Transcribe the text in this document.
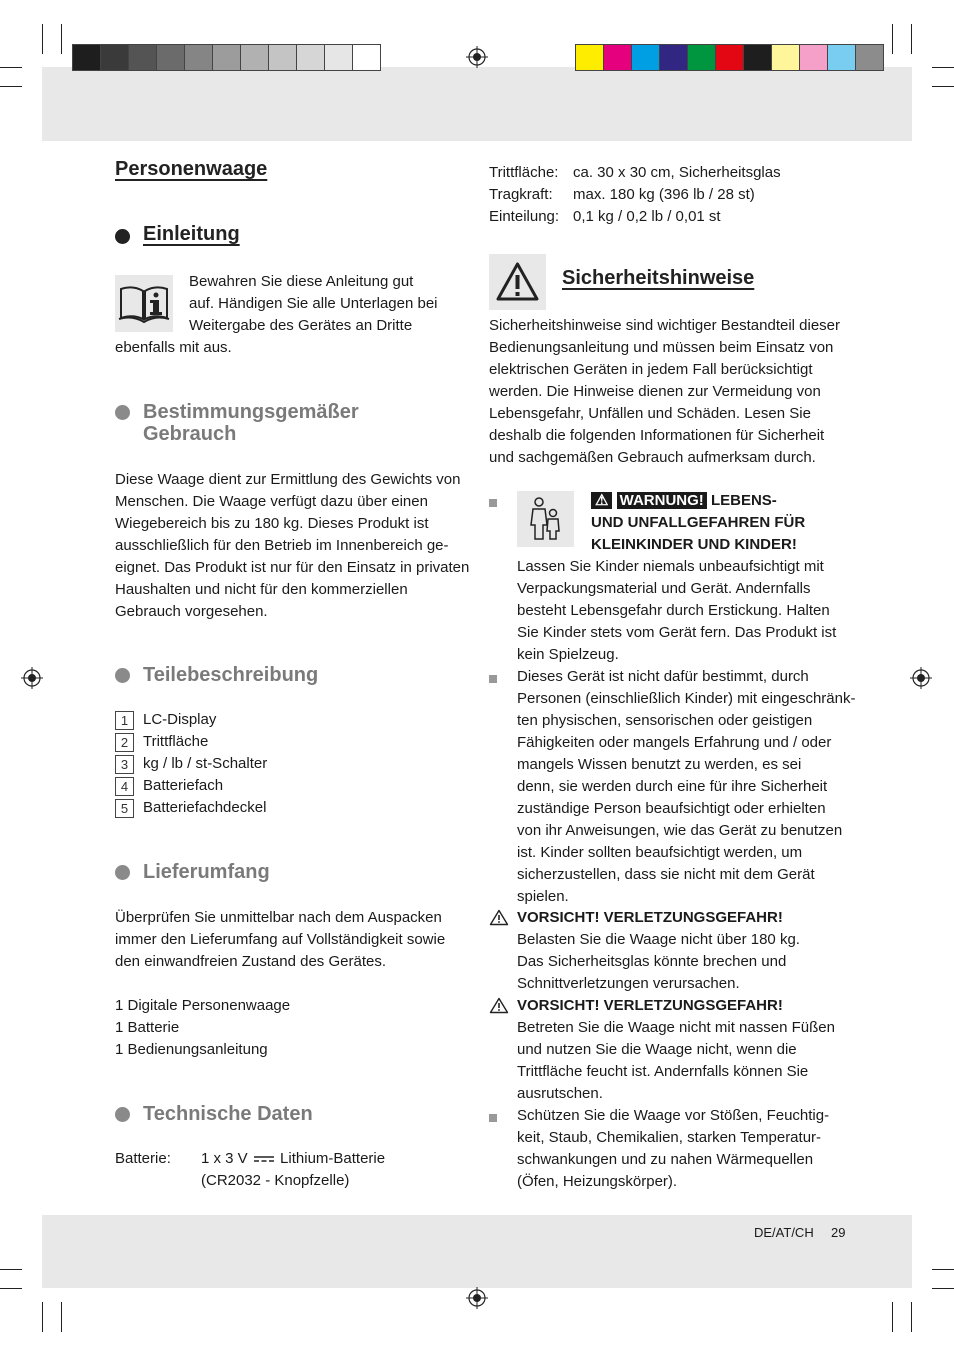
Personenwaage
Einleitung
Bewahren Sie diese Anleitung gut
auf. Händigen Sie alle Unterlagen bei
Weitergabe des Gerätes an Dritte
ebenfalls mit aus.
Bestimmungsgemäßer
Gebrauch
Diese Waage dient zur Ermittlung des Gewichts von
Menschen. Die Waage verfügt dazu über einen
Wiegebereich bis zu 180 kg. Dieses Produkt ist
ausschließlich für den Betrieb im Innenbereich ge-
eignet. Das Produkt ist nur für den Einsatz in privaten
Haushalten und nicht für den kommerziellen
Gebrauch vorgesehen.
Teilebeschreibung
1 LC-Display
2 Trittfläche
3 kg / lb / st-Schalter
4 Batteriefach
5 Batteriefachdeckel
Lieferumfang
Überprüfen Sie unmittelbar nach dem Auspacken
immer den Lieferumfang auf Vollständigkeit sowie
den einwandfreien Zustand des Gerätes.
1 Digitale Personenwaage
1 Batterie
1 Bedienungsanleitung
Technische Daten
Batterie: 1 x 3 V Lithium-Batterie
(CR2032 - Knopfzelle)
Trittfläche: ca. 30 x 30 cm, Sicherheitsglas
Tragkraft: max. 180 kg (396 lb / 28 st)
Einteilung: 0,1 kg / 0,2 lb / 0,01 st
Sicherheitshinweise
Sicherheitshinweise sind wichtiger Bestandteil dieser
Bedienungsanleitung und müssen beim Einsatz von
elektrischen Geräten in jedem Fall berücksichtigt
werden. Die Hinweise dienen zur Vermeidung von
Lebensgefahr, Unfällen und Schäden. Lesen Sie
deshalb die folgenden Informationen für Sicherheit
und sachgemäßen Gebrauch aufmerksam durch.
⚠ WARNUNG! LEBENS-
UND UNFALLGEFAHREN FÜR
KLEINKINDER UND KINDER!
Lassen Sie Kinder niemals unbeaufsichtigt mit
Verpackungsmaterial und Gerät. Andernfalls
besteht Lebensgefahr durch Erstickung. Halten
Sie Kinder stets vom Gerät fern. Das Produkt ist
kein Spielzeug.
Dieses Gerät ist nicht dafür bestimmt, durch
Personen (einschließlich Kinder) mit eingeschränk-
ten physischen, sensorischen oder geistigen
Fähigkeiten oder mangels Erfahrung und / oder
mangels Wissen benutzt zu werden, es sei
denn, sie werden durch eine für ihre Sicherheit
zuständige Person beaufsichtigt oder erhielten
von ihr Anweisungen, wie das Gerät zu benutzen
ist. Kinder sollten beaufsichtigt werden, um
sicherzustellen, dass sie nicht mit dem Gerät
spielen.
VORSICHT! VERLETZUNGSGEFAHR!
Belasten Sie die Waage nicht über 180 kg.
Das Sicherheitsglas könnte brechen und
Schnittverletzungen verursachen.
VORSICHT! VERLETZUNGSGEFAHR!
Betreten Sie die Waage nicht mit nassen Füßen
und nutzen Sie die Waage nicht, wenn die
Trittfläche feucht ist. Andernfalls können Sie
ausrutschen.
Schützen Sie die Waage vor Stößen, Feuchtig-
keit, Staub, Chemikalien, starken Temperatur-
schwankungen und zu nahen Wärmequellen
(Öfen, Heizungskörper).
DE/AT/CH 29
